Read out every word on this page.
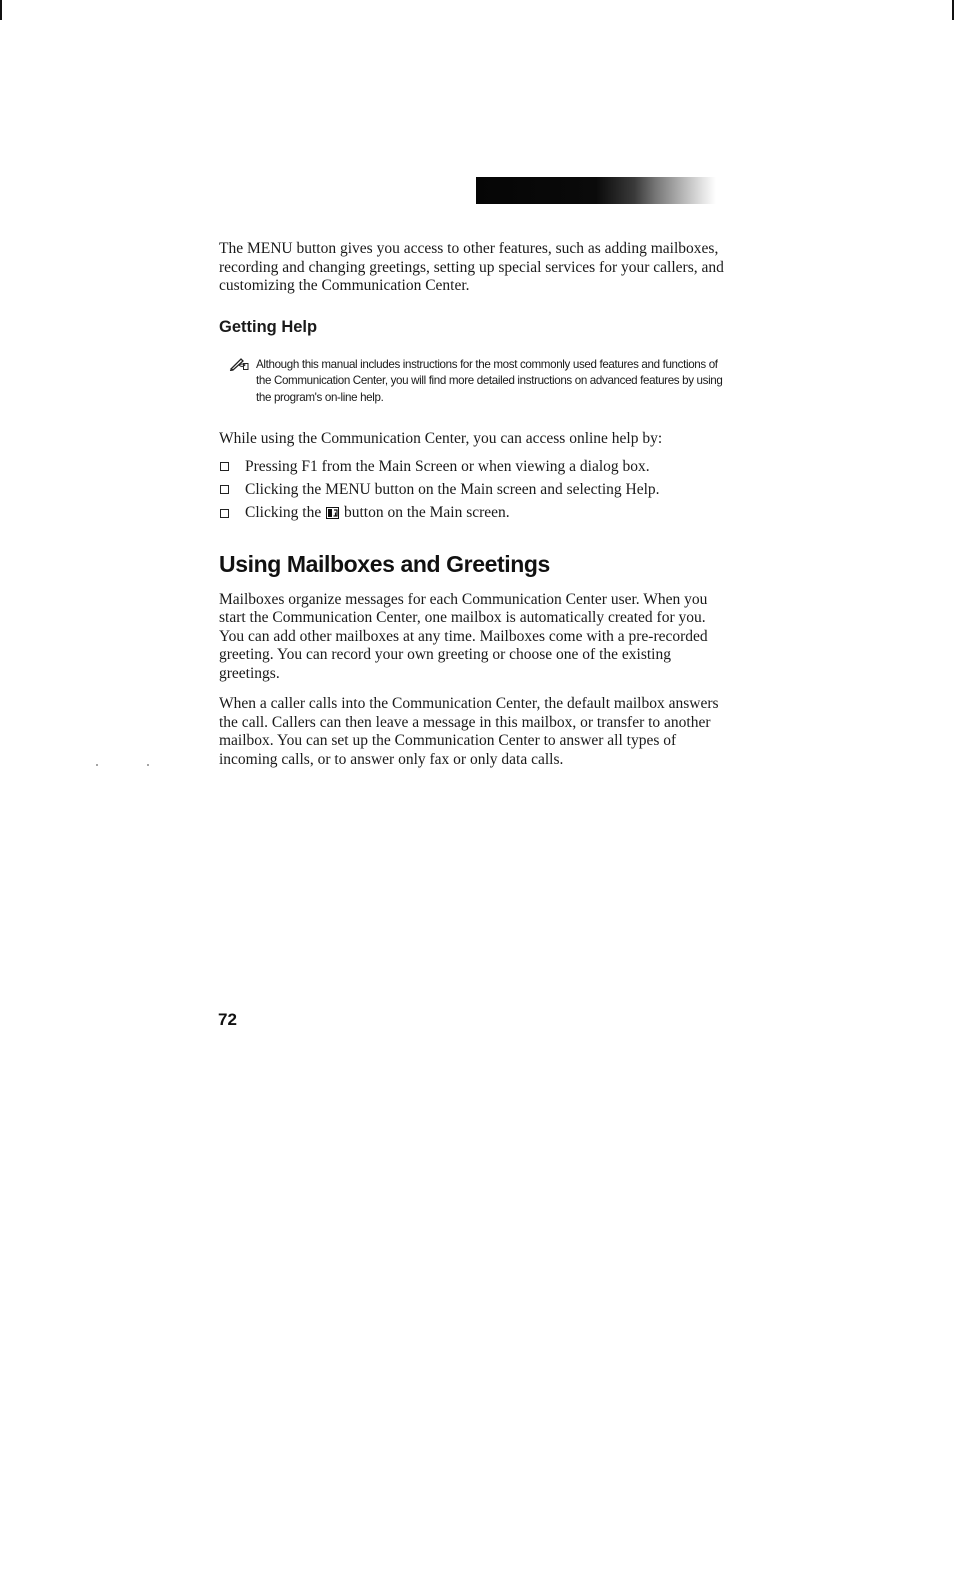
The MENU button gives you access to other features, such as adding mailboxes, recording and changing greetings, setting up special services for your callers, and customizing the Communication Center.

Getting Help

Although this manual includes instructions for the most commonly used features and functions of the Communication Center, you will find more detailed instructions on advanced features by using the program's on-line help.

While using the Communication Center, you can access online help by:

Pressing F1 from the Main Screen or when viewing a dialog box.
Clicking the MENU button on the Main screen and selecting Help.
Clicking the button on the Main screen.
Using Mailboxes and Greetings

Mailboxes organize messages for each Communication Center user. When you start the Communication Center, one mailbox is automatically created for you. You can add other mailboxes at any time. Mailboxes come with a pre-recorded greeting. You can record your own greeting or choose one of the existing greetings.

When a caller calls into the Communication Center, the default mailbox answers the call. Callers can then leave a message in this mailbox, or transfer to another mailbox. You can set up the Communication Center to answer all types of incoming calls, or to answer only fax or only data calls.

72
